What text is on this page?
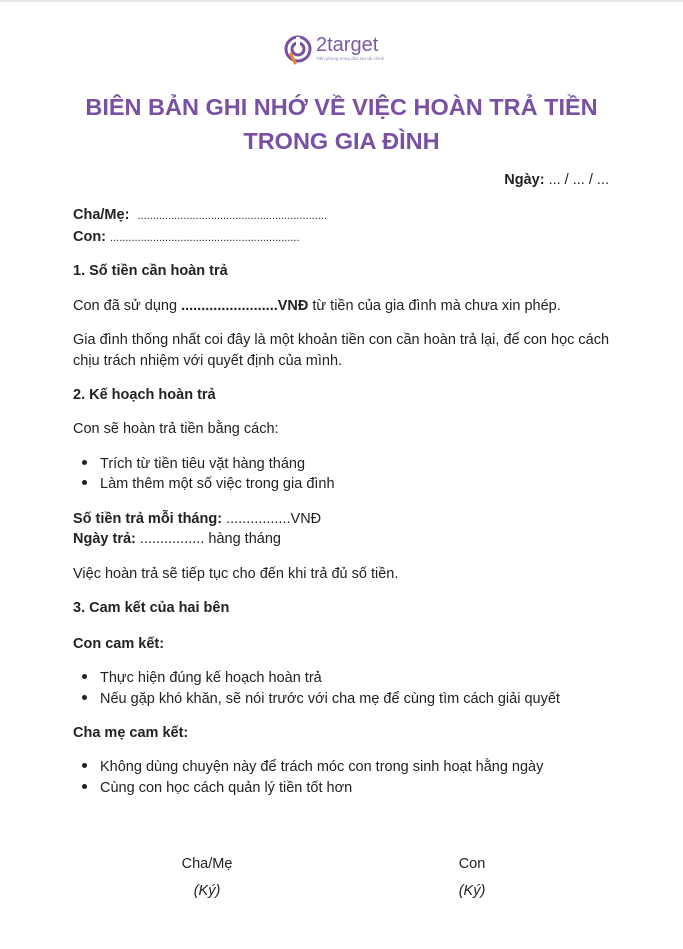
2target
Tiên phong trong đào tạo tài chính
BIÊN BẢN GHI NHỚ VỀ VIỆC HOÀN TRẢ TIỀN
TRONG GIA ĐÌNH
Ngày: ... / ... / ...
Cha/Mẹ: ..............................................................
Con: ..............................................................
1. Số tiền cần hoàn trả
Con đã sử dụng ........................VNĐ từ tiền của gia đình mà chưa xin phép.
Gia đình thống nhất coi đây là một khoản tiền con cần hoàn trả lại, để con học cách chịu trách nhiệm với quyết định của mình.
2. Kế hoạch hoàn trả
Con sẽ hoàn trả tiền bằng cách:
Trích từ tiền tiêu vặt hàng tháng
Làm thêm một số việc trong gia đình
Số tiền trả mỗi tháng: ................VNĐ
Ngày trả: ................ hàng tháng
Việc hoàn trả sẽ tiếp tục cho đến khi trả đủ số tiền.
3. Cam kết của hai bên
Con cam kết:
Thực hiện đúng kế hoạch hoàn trả
Nếu gặp khó khăn, sẽ nói trước với cha mẹ để cùng tìm cách giải quyết
Cha mẹ cam kết:
Không dùng chuyện này để trách móc con trong sinh hoạt hằng ngày
Cùng con học cách quản lý tiền tốt hơn
Cha/Mẹ
(Ký)
Con
(Ký)
